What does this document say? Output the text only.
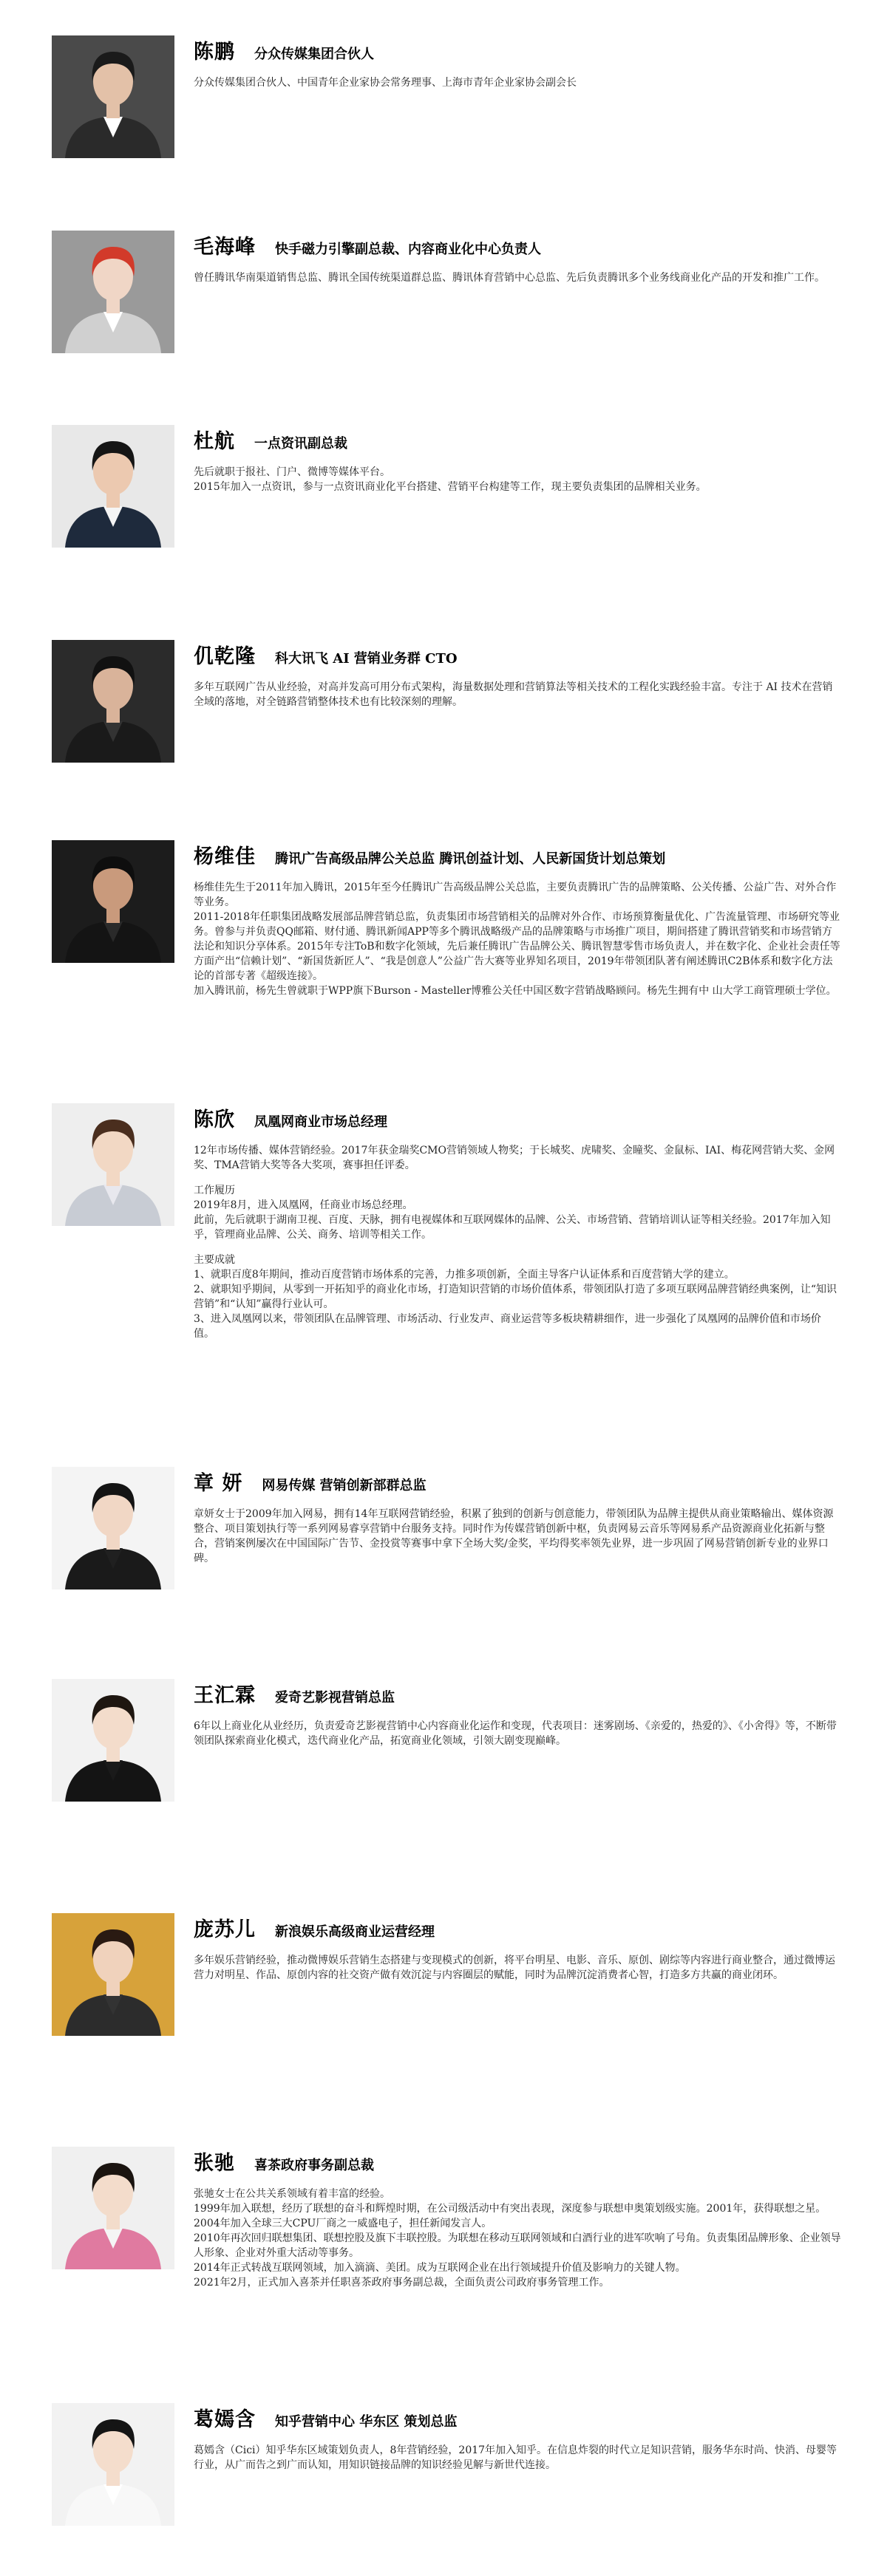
陈鹏 分众传媒集团合伙人

分众传媒集团合伙人、中国青年企业家协会常务理事、上海市青年企业家协会副会长

毛海峰 快手磁力引擎副总裁、内容商业化中心负责人

曾任腾讯华南渠道销售总监、腾讯全国传统渠道群总监、腾讯体育营销中心总监、先后负责腾讯多个业务线商业化产品的开发和推广工作。

杜航 一点资讯副总裁

先后就职于报社、门户、微博等媒体平台。

2015年加入一点资讯，参与一点资讯商业化平台搭建、营销平台构建等工作，现主要负责集团的品牌相关业务。

仉乾隆 科大讯飞 AI 营销业务群 CTO

多年互联网广告从业经验，对高并发高可用分布式架构，海量数据处理和营销算法等相关技术的工程化实践经验丰富。专注于 AI 技术在营销全域的落地，对全链路营销整体技术也有比较深刻的理解。

杨维佳 腾讯广告高级品牌公关总监 腾讯创益计划、人民新国货计划总策划

杨维佳先生于2011年加入腾讯，2015年至今任腾讯广告高级品牌公关总监，主要负责腾讯广告的品牌策略、公关传播、公益广告、对外合作等业务。

2011-2018年任职集团战略发展部品牌营销总监，负责集团市场营销相关的品牌对外合作、市场预算衡量优化、广告流量管理、市场研究等业务。曾参与并负责QQ邮箱、财付通、腾讯新闻APP等多个腾讯战略级产品的品牌策略与市场推广项目，期间搭建了腾讯营销奖和市场营销方法论和知识分享体系。2015年专注ToB和数字化领域，先后兼任腾讯广告品牌公关、腾讯智慧零售市场负责人，并在数字化、企业社会责任等方面产出“信赖计划”、“新国货新匠人”、“我是创意人”公益广告大赛等业界知名项目，2019年带领团队著有阐述腾讯C2B体系和数字化方法论的首部专著《超级连接》。

加入腾讯前，杨先生曾就职于WPP旗下Burson - Masteller博雅公关任中国区数字营销战略顾问。杨先生拥有中 山大学工商管理硕士学位。

陈欣 凤凰网商业市场总经理

12年市场传播、媒体营销经验。2017年获金瑞奖CMO营销领域人物奖；于长城奖、虎啸奖、金瞳奖、金鼠标、IAI、梅花网营销大奖、金网奖、TMA营销大奖等各大奖项，赛事担任评委。

工作履历

2019年8月，进入凤凰网，任商业市场总经理。

此前，先后就职于湖南卫视、百度、天脉，拥有电视媒体和互联网媒体的品牌、公关、市场营销、营销培训认证等相关经验。2017年加入知乎，管理商业品牌、公关、商务、培训等相关工作。

主要成就

1、就职百度8年期间，推动百度营销市场体系的完善，力推多项创新，全面主导客户认证体系和百度营销大学的建立。

2、就职知乎期间，从零到一开拓知乎的商业化市场，打造知识营销的市场价值体系，带领团队打造了多项互联网品牌营销经典案例，让“知识营销”和“认知”赢得行业认可。

3、进入凤凰网以来，带领团队在品牌管理、市场活动、行业发声、商业运营等多板块精耕细作，进一步强化了凤凰网的品牌价值和市场价值。

章 妍 网易传媒 营销创新部群总监

章妍女士于2009年加入网易，拥有14年互联网营销经验，积累了独到的创新与创意能力，带领团队为品牌主提供从商业策略输出、媒体资源整合、项目策划执行等一系列网易睿享营销中台服务支持。同时作为传媒营销创新中枢，负责网易云音乐等网易系产品资源商业化拓新与整合，营销案例屡次在中国国际广告节、金投赏等赛事中拿下全场大奖/金奖，平均得奖率领先业界，进一步巩固了网易营销创新专业的业界口碑。

王汇霖 爱奇艺影视营销总监

6年以上商业化从业经历，负责爱奇艺影视营销中心内容商业化运作和变现，代表项目：迷雾剧场、《亲爱的，热爱的》、《小舍得》等，不断带领团队探索商业化模式，迭代商业化产品，拓宽商业化领域，引领大剧变现巅峰。

庞苏儿 新浪娱乐高级商业运营经理

多年娱乐营销经验，推动微博娱乐营销生态搭建与变现模式的创新，将平台明星、电影、音乐、原创、剧综等内容进行商业整合，通过微博运营力对明星、作品、原创内容的社交资产做有效沉淀与内容圈层的赋能，同时为品牌沉淀消费者心智，打造多方共赢的商业闭环。

张驰 喜茶政府事务副总裁

张驰女士在公共关系领域有着丰富的经验。

1999年加入联想，经历了联想的奋斗和辉煌时期，在公司级活动中有突出表现，深度参与联想申奥策划级实施。2001年，获得联想之星。

2004年加入全球三大CPU厂商之一威盛电子，担任新闻发言人。

2010年再次回归联想集团、联想控股及旗下丰联控股。为联想在移动互联网领域和白酒行业的进军吹响了号角。负责集团品牌形象、企业领导人形象、企业对外重大活动等事务。

2014年正式转战互联网领域，加入滴滴、美团。成为互联网企业在出行领域提升价值及影响力的关键人物。

2021年2月，正式加入喜茶并任职喜茶政府事务副总裁，全面负责公司政府事务管理工作。

葛嫣含 知乎营销中心 华东区 策划总监

葛嫣含（Cici）知乎华东区域策划负责人，8年营销经验，2017年加入知乎。在信息炸裂的时代立足知识营销，服务华东时尚、快消、母婴等行业，从广而告之到广而认知，用知识链接品牌的知识经验见解与新世代连接。
